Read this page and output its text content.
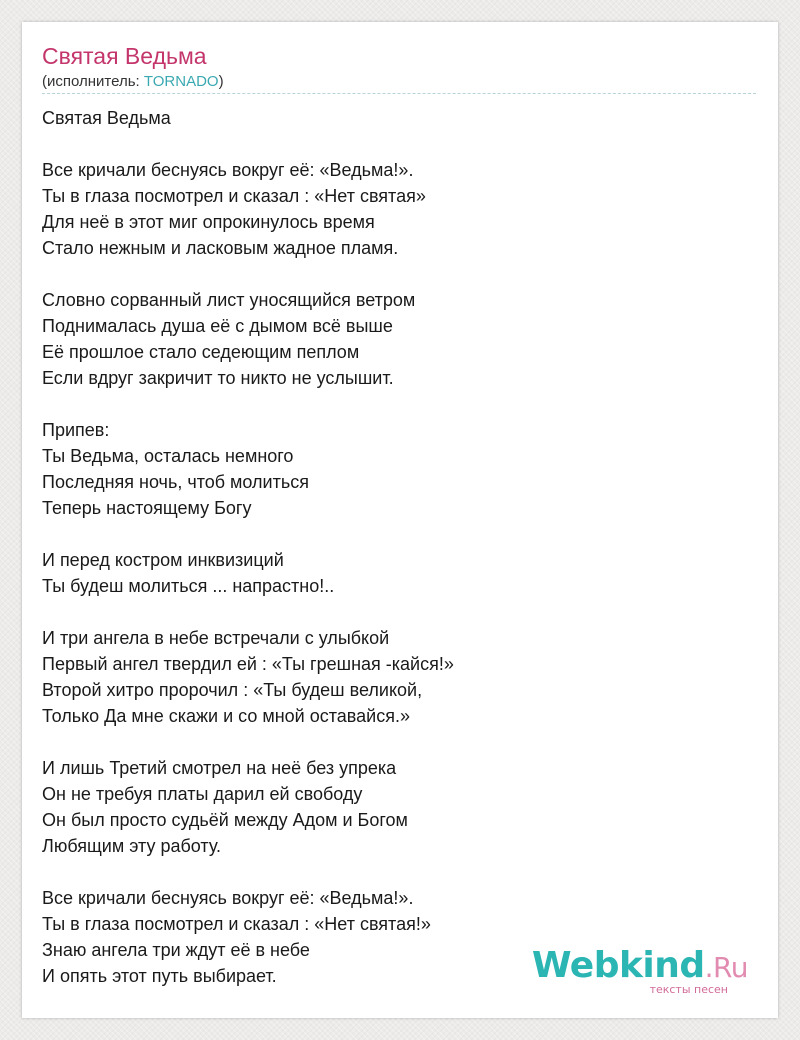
Святая Ведьма
(исполнитель: TORNADO)
Святая Ведьма
Все кричали беснуясь вокруг её: «Ведьма!».
Ты в глаза посмотрел и сказал : «Нет святая»
Для неё в этот миг опрокинулось время
Стало нежным и ласковым жадное пламя.
Словно сорванный лист уносящийся ветром
Поднималась душа её с дымом всё выше
Её прошлое стало седеющим пеплом
Если вдруг закричит то никто не услышит.
Припев:
Ты Ведьма, осталась немного
Последняя ночь, чтоб молиться
Теперь настоящему Богу
И перед костром инквизиций
Ты будеш молиться ... напрастно!..
И три ангела в небе встречали с улыбкой
Первый ангел твердил ей : «Ты грешная -кайся!»
Второй хитро пророчил : «Ты будеш великой,
Только Да мне скажи и со мной оставайся.»
И лишь Третий смотрел на неё без упрека
Он не требуя платы дарил ей свободу
Он был просто судьёй между Адом и Богом
Любящим эту работу.
Все кричали беснуясь вокруг её: «Ведьма!».
Ты в глаза посмотрел и сказал : «Нет святая!»
Знаю ангела три ждут её в небе
И опять этот путь выбирает.	Webkind.Ru
тексты песен
